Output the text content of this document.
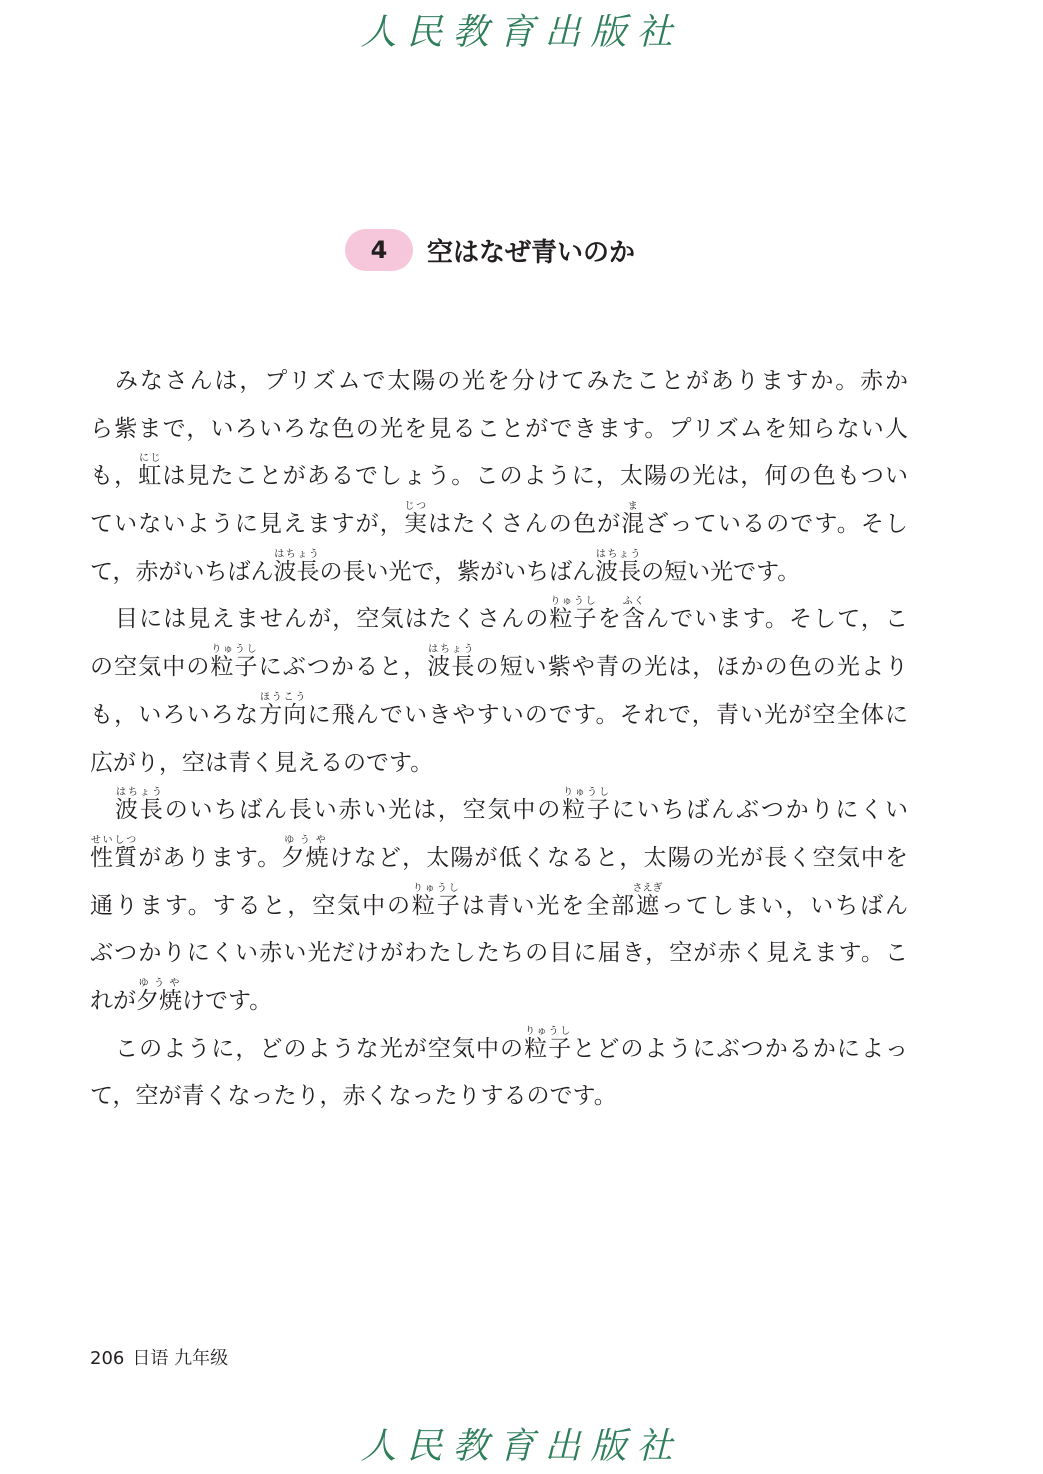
人民教育出版社
4	空はなぜ青いのか
みなさんは，プリズムで太陽の光を分けてみたことがありますか。赤か
ら紫まで，いろいろな色の光を見ることができます。プリズムを知らない人
も，虹にじは見たことがあるでしょう。このように，太陽の光は，何の色もつい
ていないように見えますが，実じつはたくさんの色が混まざっているのです。そし
て，赤がいちばん波長はちょうの長い光で，紫がいちばん波長はちょうの短い光です。
目には見えませんが，空気はたくさんの粒子りゅうしを含ふくんでいます。そして，こ
の空気中の粒子りゅうしにぶつかると，波長はちょうの短い紫や青の光は，ほかの色の光より
も，いろいろな方向ほうこうに飛んでいきやすいのです。それで，青い光が空全体に
広がり，空は青く見えるのです。
波長はちょうのいちばん長い赤い光は，空気中の粒子りゅうしにいちばんぶつかりにくい
性質せいしつがあります。夕焼ゆうやけなど，太陽が低くなると，太陽の光が長く空気中を
通ります。すると，空気中の粒子りゅうしは青い光を全部遮さえぎってしまい，いちばん
ぶつかりにくい赤い光だけがわたしたちの目に届き，空が赤く見えます。こ
れが夕焼ゆうやけです。
このように，どのような光が空気中の粒子りゅうしとどのようにぶつかるかによっ
て，空が青くなったり，赤くなったりするのです。
206 日语 九年级
人民教育出版社
